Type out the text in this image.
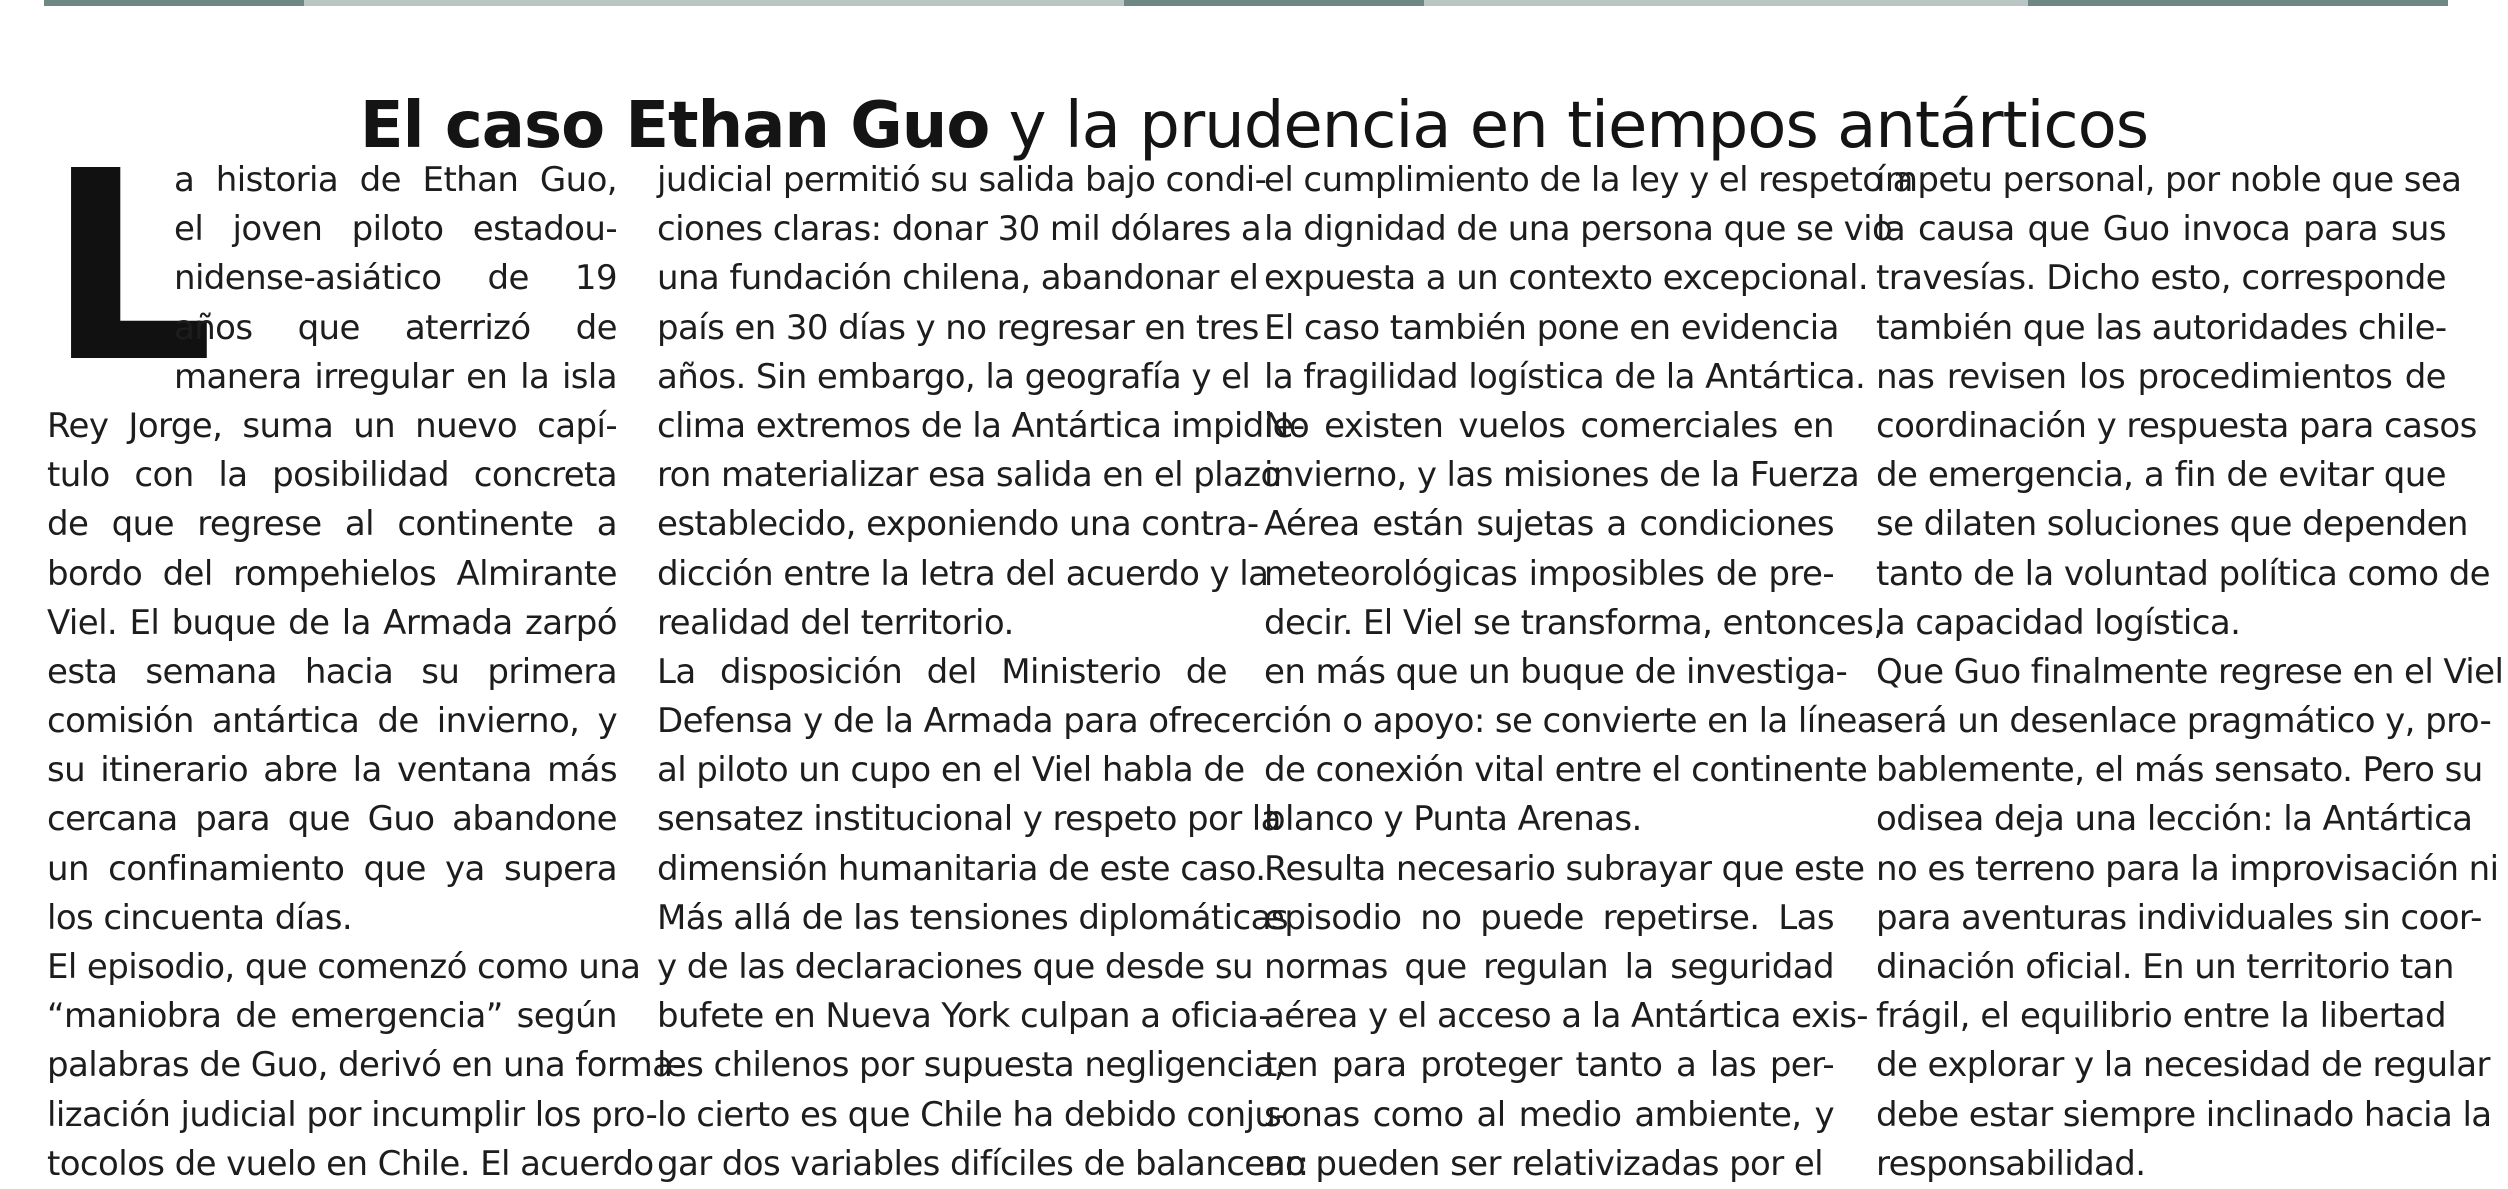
El caso Ethan Guo y la prudencia en tiempos antárticos
L
a historia de Ethan Guo,
el joven piloto estadou-
nidense-asiático de 19
años que aterrizó de
manera irregular en la isla
Rey Jorge, suma un nuevo capí-
tulo con la posibilidad concreta
de que regrese al continente a
bordo del rompehielos Almirante
Viel. El buque de la Armada zarpó
esta semana hacia su primera
comisión antártica de invierno, y
su itinerario abre la ventana más
cercana para que Guo abandone
un confinamiento que ya supera
los cincuenta días.
El episodio, que comenzó como una
“maniobra de emergencia” según
palabras de Guo, derivó en una forma-
lización judicial por incumplir los pro-
tocolos de vuelo en Chile. El acuerdo
judicial permitió su salida bajo condi-
ciones claras: donar 30 mil dólares a
una fundación chilena, abandonar el
país en 30 días y no regresar en tres
años. Sin embargo, la geografía y el
clima extremos de la Antártica impidie-
ron materializar esa salida en el plazo
establecido, exponiendo una contra-
dicción entre la letra del acuerdo y la
realidad del territorio.
La disposición del Ministerio de
Defensa y de la Armada para ofrecer
al piloto un cupo en el Viel habla de
sensatez institucional y respeto por la
dimensión humanitaria de este caso.
Más allá de las tensiones diplomáticas
y de las declaraciones que desde su
bufete en Nueva York culpan a oficia-
les chilenos por supuesta negligencia,
lo cierto es que Chile ha debido conju-
gar dos variables difíciles de balancear:
el cumplimiento de la ley y el respeto a
la dignidad de una persona que se vio
expuesta a un contexto excepcional.
El caso también pone en evidencia
la fragilidad logística de la Antártica.
No existen vuelos comerciales en
invierno, y las misiones de la Fuerza
Aérea están sujetas a condiciones
meteorológicas imposibles de pre-
decir. El Viel se transforma, entonces,
en más que un buque de investiga-
ción o apoyo: se convierte en la línea
de conexión vital entre el continente
blanco y Punta Arenas.
Resulta necesario subrayar que este
episodio no puede repetirse. Las
normas que regulan la seguridad
aérea y el acceso a la Antártica exis-
ten para proteger tanto a las per-
sonas como al medio ambiente, y
no pueden ser relativizadas por el
ímpetu personal, por noble que sea
la causa que Guo invoca para sus
travesías. Dicho esto, corresponde
también que las autoridades chile-
nas revisen los procedimientos de
coordinación y respuesta para casos
de emergencia, a fin de evitar que
se dilaten soluciones que dependen
tanto de la voluntad política como de
la capacidad logística.
Que Guo finalmente regrese en el Viel
será un desenlace pragmático y, pro-
bablemente, el más sensato. Pero su
odisea deja una lección: la Antártica
no es terreno para la improvisación ni
para aventuras individuales sin coor-
dinación oficial. En un territorio tan
frágil, el equilibrio entre la libertad
de explorar y la necesidad de regular
debe estar siempre inclinado hacia la
responsabilidad.
